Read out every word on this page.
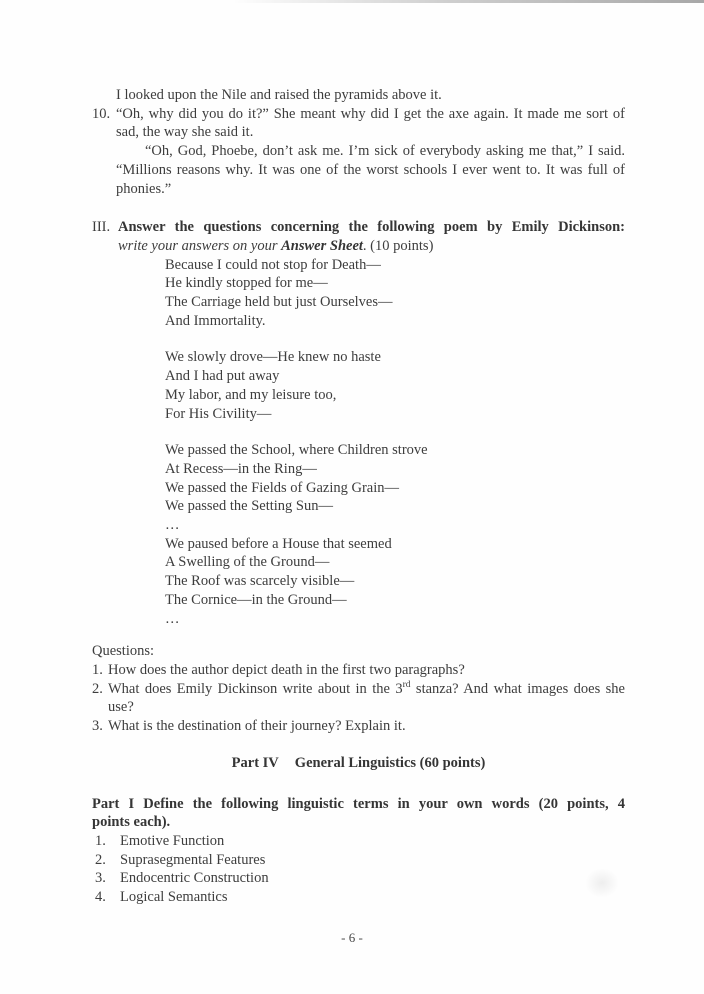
I looked upon the Nile and raised the pyramids above it.

10. “Oh, why did you do it?” She meant why did I get the axe again. It made me sort of sad, the way she said it.

“Oh, God, Phoebe, don’t ask me. I’m sick of everybody asking me that,” I said. “Millions reasons why. It was one of the worst schools I ever went to. It was full of phonies.”

III. Answer the questions concerning the following poem by Emily Dickinson:

write your answers on your Answer Sheet. (10 points)

Because I could not stop for Death—

He kindly stopped for me—

The Carriage held but just Ourselves—

And Immortality.

We slowly drove—He knew no haste

And I had put away

My labor, and my leisure too,

For His Civility—

We passed the School, where Children strove

At Recess—in the Ring—

We passed the Fields of Gazing Grain—

We passed the Setting Sun—

…

We paused before a House that seemed

A Swelling of the Ground—

The Roof was scarcely visible—

The Cornice—in the Ground—

…

Questions:

1. How does the author depict death in the first two paragraphs?

2. What does Emily Dickinson write about in the 3rd stanza? And what images does she use?

3. What is the destination of their journey? Explain it.

Part IV General Linguistics (60 points)

Part I Define the following linguistic terms in your own words (20 points, 4

points each).

1. Emotive Function

2. Suprasegmental Features

3. Endocentric Construction

4. Logical Semantics

- 6 -
